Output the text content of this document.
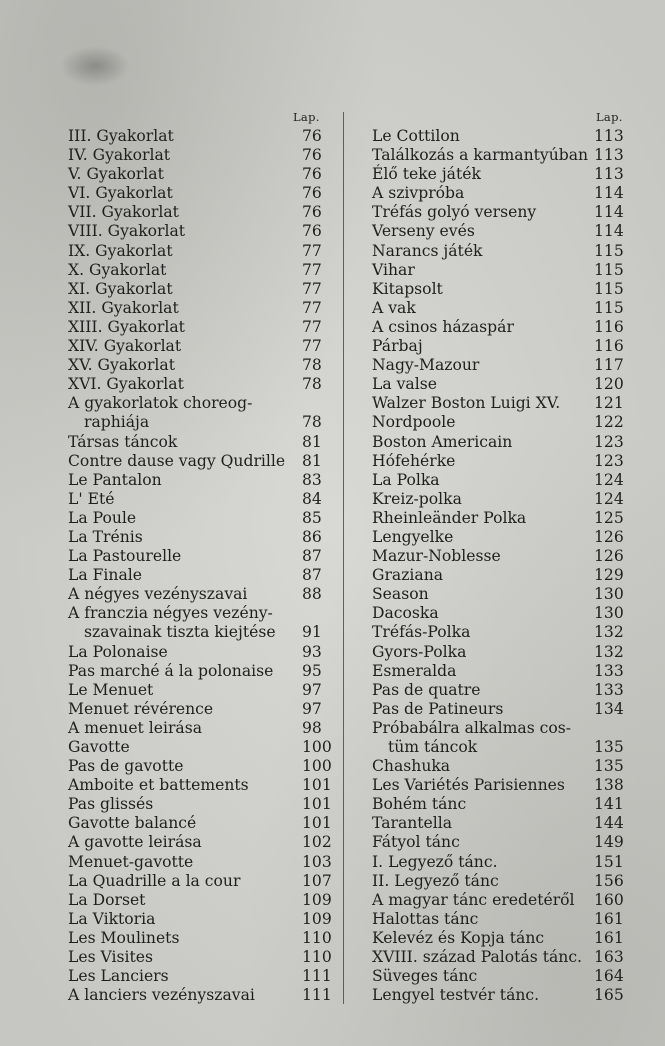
Lap.
III. Gyakorlat	76
IV. Gyakorlat	76
V. Gyakorlat	76
VI. Gyakorlat	76
VII. Gyakorlat	76
VIII. Gyakorlat	76
IX. Gyakorlat	77
X. Gyakorlat	77
XI. Gyakorlat	77
XII. Gyakorlat	77
XIII. Gyakorlat	77
XIV. Gyakorlat	77
XV. Gyakorlat	78
XVI. Gyakorlat	78
A gyakorlatok choreog-
raphiája	78
Társas táncok	81
Contre dause vagy Qudrille 81
Le Pantalon	83
L' Eté	84
La Poule	85
La Trénis	86
La Pastourelle	87
La Finale	87
A négyes vezényszavai	88
A franczia négyes vezény-
szavainak tiszta kiejtése 91
La Polonaise	93
Pas marché á la polonaise 95
Le Menuet	97
Menuet révérence	97
A menuet leirása	98
Gavotte	100
Pas de gavotte	100
Amboite et battements	101
Pas glissés	101
Gavotte balancé	101
A gavotte leirása	102
Menuet-gavotte	103
La Quadrille a la cour	107
La Dorset	109
La Viktoria	109
Les Moulinets	110
Les Visites	110
Les Lanciers	111
A lanciers vezényszavai	111
Lap.
Le Cottilon	113
Találkozás a karmantyúban 113
Élő teke játék	113
A szivpróba	114
Tréfás golyó verseny	114
Verseny evés	114
Narancs játék	115
Vihar	115
Kitapsolt	115
A vak	115
A csinos házaspár	116
Párbaj	116
Nagy-Mazour	117
La valse	120
Walzer Boston Luigi XV. 121
Nordpoole	122
Boston Americain	123
Hófehérke	123
La Polka	124
Kreiz-polka	124
Rheinleänder Polka	125
Lengyelke	126
Mazur-Noblesse	126
Graziana	129
Season	130
Dacoska	130
Tréfás-Polka	132
Gyors-Polka	132
Esmeralda	133
Pas de quatre	133
Pas de Patineurs	134
Próbabálra alkalmas cos-
tüm táncok	135
Chashuka	135
Les Variétés Parisiennes 138
Bohém tánc	141
Tarantella	144
Fátyol tánc	149
I. Legyező tánc.	151
II. Legyező tánc	156
A magyar tánc eredetéről 160
Halottas tánc	161
Kelevéz és Kopja tánc	161
XVIII. század Palotás tánc. 163
Süveges tánc	164
Lengyel testvér tánc.	165
